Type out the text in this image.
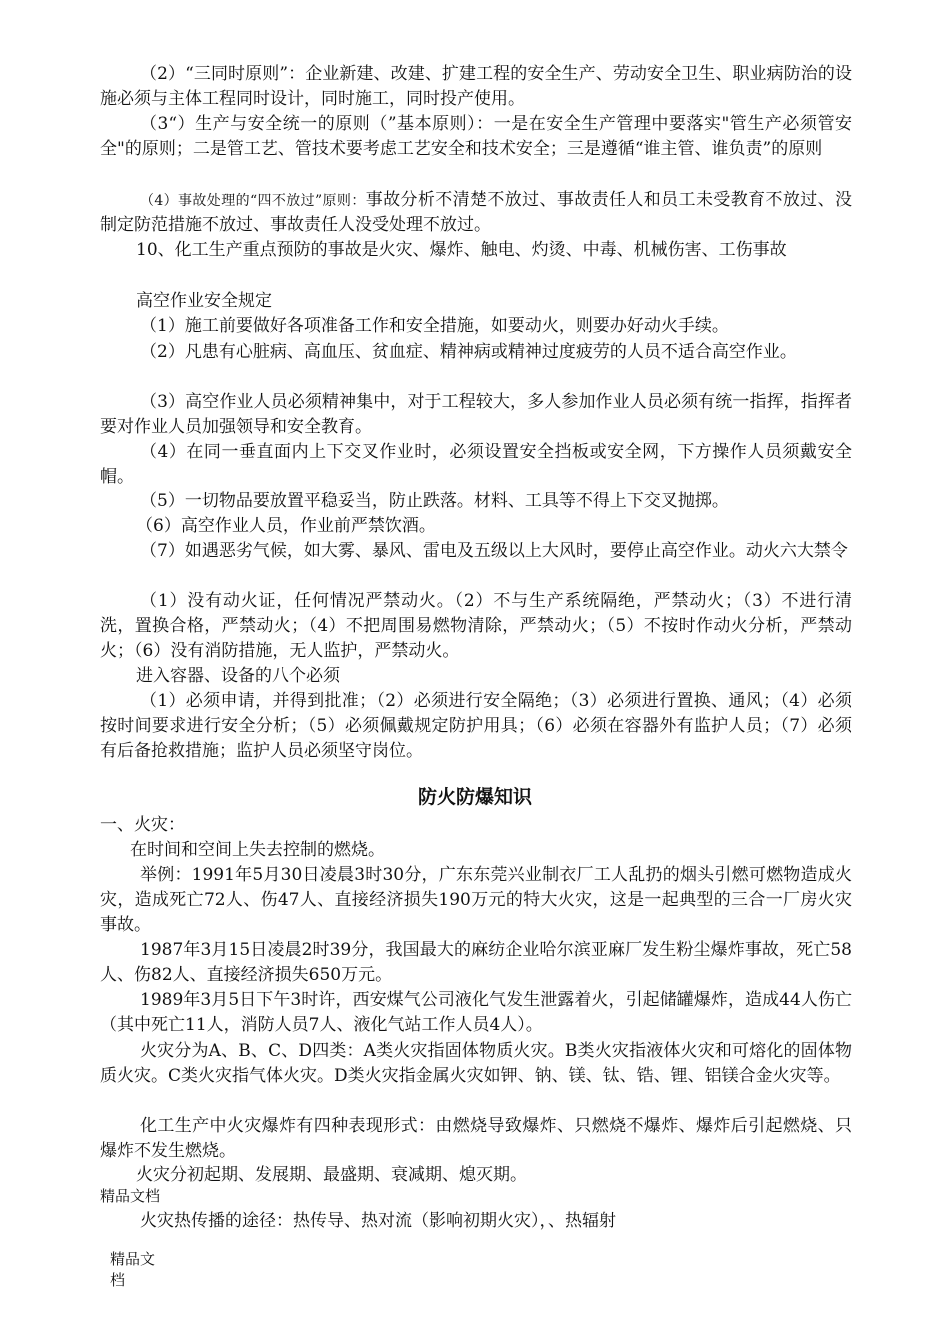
（2）“三同时原则”：企业新建、改建、扩建工程的安全生产、劳动安全卫生、职业病防治的设施必须与主体工程同时设计，同时施工，同时投产使用。

（3“）生产与安全统一的原则（”基本原则）：一是在安全生产管理中要落实"管生产必须管安全"的原则；二是管工艺、管技术要考虑工艺安全和技术安全；三是遵循“谁主管、谁负责”的原则

（4）事故处理的“四不放过”原则：事故分析不清楚不放过、事故责任人和员工未受教育不放过、没制定防范措施不放过、事故责任人没受处理不放过。

10、化工生产重点预防的事故是火灾、爆炸、触电、灼烫、中毒、机械伤害、工伤事故

高空作业安全规定

（1）施工前要做好各项准备工作和安全措施，如要动火，则要办好动火手续。

（2）凡患有心脏病、高血压、贫血症、精神病或精神过度疲劳的人员不适合高空作业。

（3）高空作业人员必须精神集中，对于工程较大，多人参加作业人员必须有统一指挥，指挥者要对作业人员加强领导和安全教育。

（4）在同一垂直面内上下交叉作业时，必须设置安全挡板或安全网，下方操作人员须戴安全帽。

（5）一切物品要放置平稳妥当，防止跌落。材料、工具等不得上下交叉抛掷。

（6）高空作业人员，作业前严禁饮酒。

（7）如遇恶劣气候，如大雾、暴风、雷电及五级以上大风时，要停止高空作业。动火六大禁令

（1）没有动火证，任何情况严禁动火。（2）不与生产系统隔绝，严禁动火；（3）不进行清洗，置换合格，严禁动火；（4）不把周围易燃物清除，严禁动火；（5）不按时作动火分析，严禁动火；（6）没有消防措施，无人监护，严禁动火。

进入容器、设备的八个必须

（1）必须申请，并得到批准；（2）必须进行安全隔绝；（3）必须进行置换、通风；（4）必须按时间要求进行安全分析；（5）必须佩戴规定防护用具；（6）必须在容器外有监护人员；（7）必须有后备抢救措施；监护人员必须坚守岗位。

防火防爆知识

一、火灾：

在时间和空间上失去控制的燃烧。

举例：1991年5月30日凌晨3时30分，广东东莞兴业制衣厂工人乱扔的烟头引燃可燃物造成火灾，造成死亡72人、伤47人、直接经济损失190万元的特大火灾，这是一起典型的三合一厂房火灾事故。

1987年3月15日凌晨2时39分，我国最大的麻纺企业哈尔滨亚麻厂发生粉尘爆炸事故，死亡58人、伤82人、直接经济损失650万元。

1989年3月5日下午3时许，西安煤气公司液化气发生泄露着火，引起储罐爆炸，造成44人伤亡（其中死亡11人，消防人员7人、液化气站工作人员4人）。

火灾分为A、B、C、D四类：A类火灾指固体物质火灾。B类火灾指液体火灾和可熔化的固体物质火灾。C类火灾指气体火灾。D类火灾指金属火灾如钾、钠、镁、钛、锆、锂、铝镁合金火灾等。

化工生产中火灾爆炸有四种表现形式：由燃烧导致爆炸、只燃烧不爆炸、爆炸后引起燃烧、只爆炸不发生燃烧。

火灾分初起期、发展期、最盛期、衰减期、熄灭期。

精品文档

火灾热传播的途径：热传导、热对流（影响初期火灾），、热辐射

精品文档
